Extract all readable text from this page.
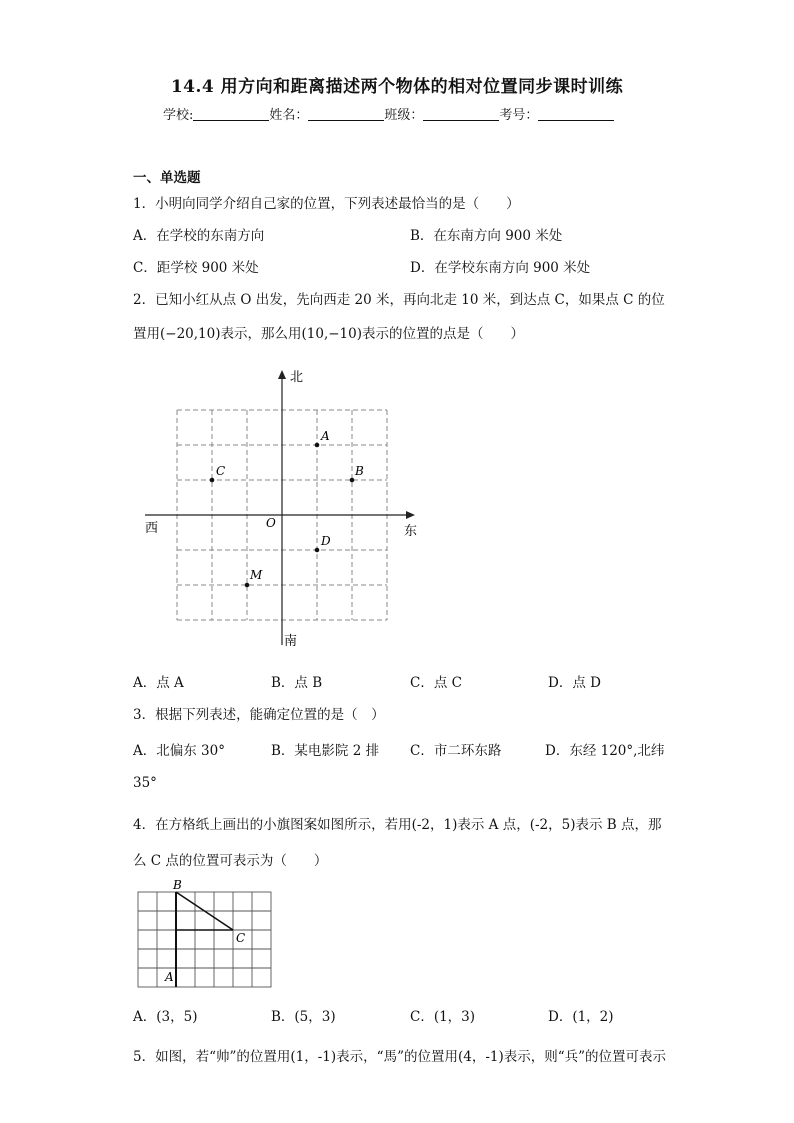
14.4 用方向和距离描述两个物体的相对位置同步课时训练
学校:	姓名：	班级：	考号：
一、单选题
1．小明向同学介绍自己家的位置，下列表述最恰当的是（　　）
A．在学校的东南方向	B．在东南方向 900 米处
C．距学校 900 米处	D．在学校东南方向 900 米处
2．已知小红从点 O 出发，先向西走 20 米，再向北走 10 米，到达点 C，如果点 C 的位
置用(−20,10)表示，那么用(10,−10)表示的位置的点是（　　）
北
南
西	东
O
A
B
C
D
M
A．点 A	B．点 B	C．点 C	D．点 D
3．根据下列表述，能确定位置的是（　）
A．北偏东 30°	B．某电影院 2 排 C．市二环东路	D．东经 120°,北纬
35°
4．在方格纸上画出的小旗图案如图所示，若用(-2，1)表示 A 点，(-2，5)表示 B 点，那
么 C 点的位置可表示为（　　）
B
C
A
A．(3，5)	B．(5，3)	C．(1，3)	D．(1，2)
5．如图，若“帅”的位置用(1，-1)表示，“馬”的位置用(4，-1)表示，则“兵”的位置可表示
